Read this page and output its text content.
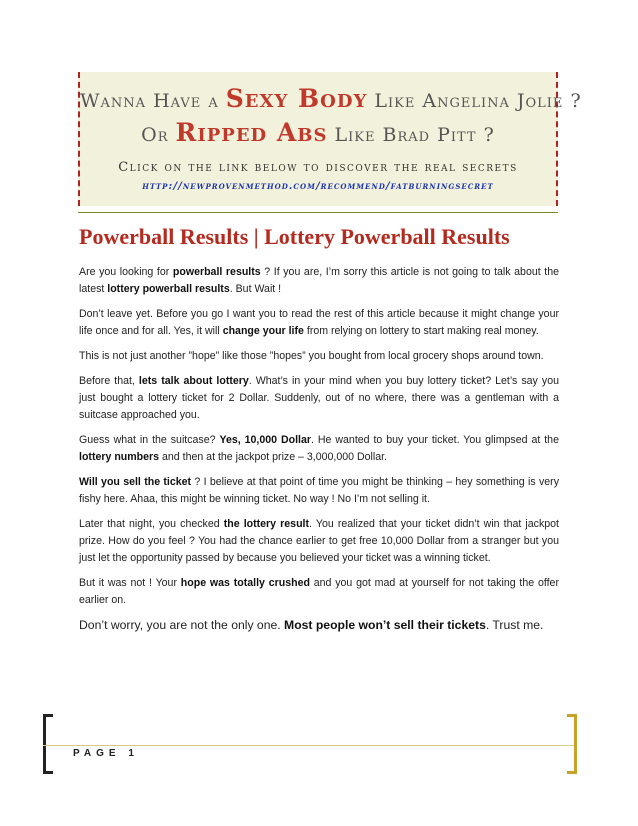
Wanna Have a Sexy Body Like Angelina Jolie ?
Or Ripped Abs Like Brad Pitt ?
Click on the link below to discover the real secrets
http://newprovenmethod.com/recommend/fatburningsecret
Powerball Results | Lottery Powerball Results

Are you looking for powerball results ? If you are, I’m sorry this article is not going to talk about the latest lottery powerball results. But Wait !

Don’t leave yet. Before you go I want you to read the rest of this article because it might change your life once and for all. Yes, it will change your life from relying on lottery to start making real money.

This is not just another ”hope” like those ”hopes” you bought from local grocery shops around town.

Before that, lets talk about lottery. What’s in your mind when you buy lottery ticket? Let’s say you just bought a lottery ticket for 2 Dollar. Suddenly, out of no where, there was a gentleman with a suitcase approached you.

Guess what in the suitcase? Yes, 10,000 Dollar. He wanted to buy your ticket. You glimpsed at the lottery numbers and then at the jackpot prize – 3,000,000 Dollar.

Will you sell the ticket ? I believe at that point of time you might be thinking – hey something is very fishy here. Ahaa, this might be winning ticket. No way ! No I’m not selling it.

Later that night, you checked the lottery result. You realized that your ticket didn’t win that jackpot prize. How do you feel ? You had the chance earlier to get free 10,000 Dollar from a stranger but you just let the opportunity passed by because you believed your ticket was a winning ticket.

But it was not ! Your hope was totally crushed and you got mad at yourself for not taking the offer earlier on.

Don’t worry, you are not the only one. Most people won’t sell their tickets. Trust me.

PAGE 1
